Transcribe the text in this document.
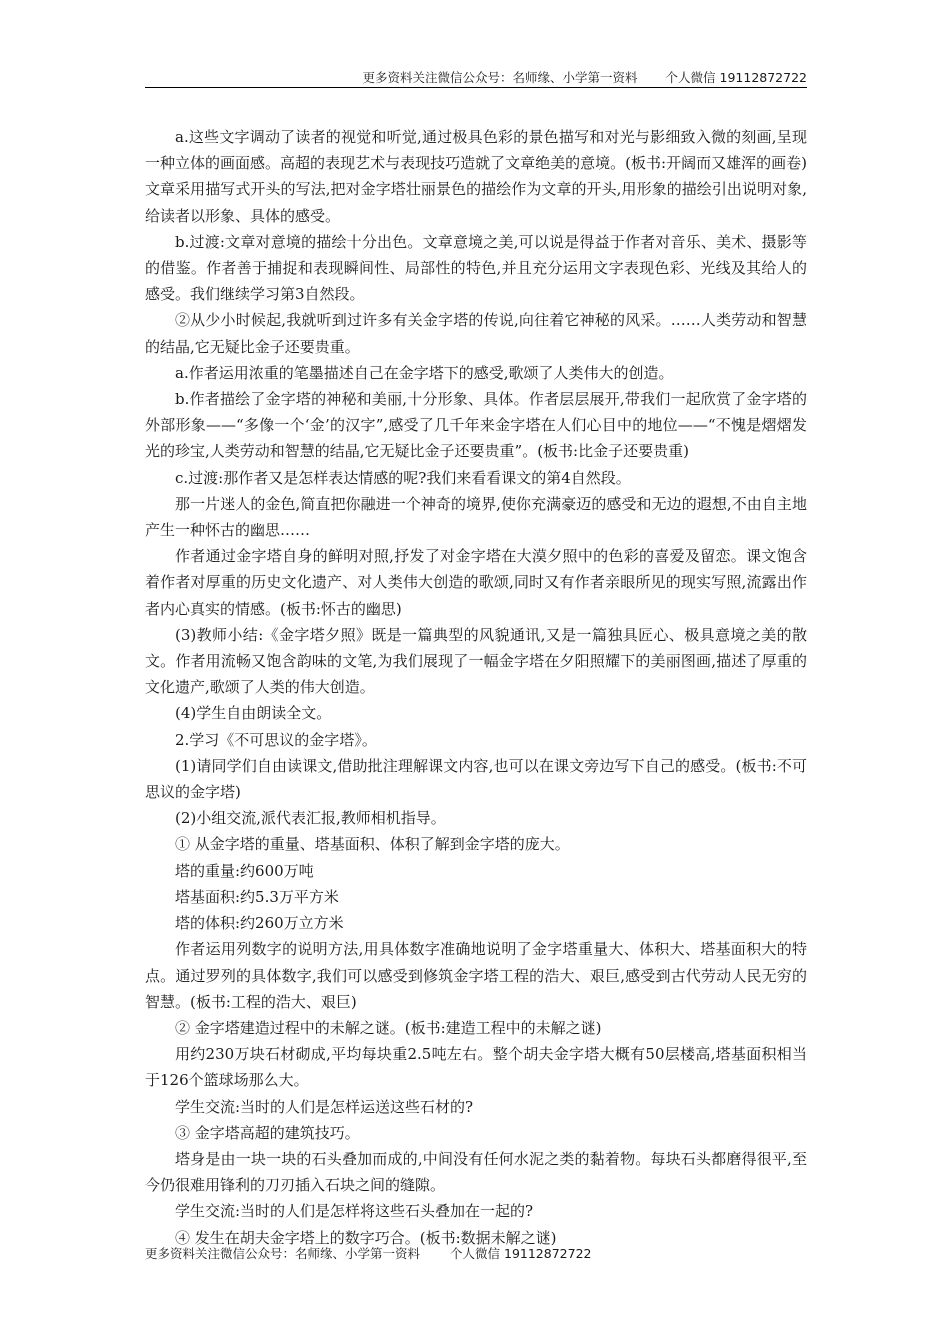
更多资料关注微信公众号：名师缘、小学第一资料 个人微信 19112872722

a.这些文字调动了读者的视觉和听觉,通过极具色彩的景色描写和对光与影细致入微的刻画,呈现一种立体的画面感。高超的表现艺术与表现技巧造就了文章绝美的意境。(板书:开阔而又雄浑的画卷)文章采用描写式开头的写法,把对金字塔壮丽景色的描绘作为文章的开头,用形象的描绘引出说明对象,给读者以形象、具体的感受。

b.过渡:文章对意境的描绘十分出色。文章意境之美,可以说是得益于作者对音乐、美术、摄影等的借鉴。作者善于捕捉和表现瞬间性、局部性的特色,并且充分运用文字表现色彩、光线及其给人的感受。我们继续学习第3自然段。

②从少小时候起,我就听到过许多有关金字塔的传说,向往着它神秘的风采。……人类劳动和智慧的结晶,它无疑比金子还要贵重。

a.作者运用浓重的笔墨描述自己在金字塔下的感受,歌颂了人类伟大的创造。

b.作者描绘了金字塔的神秘和美丽,十分形象、具体。作者层层展开,带我们一起欣赏了金字塔的外部形象——“多像一个‘金’的汉字”,感受了几千年来金字塔在人们心目中的地位——“不愧是熠熠发光的珍宝,人类劳动和智慧的结晶,它无疑比金子还要贵重”。(板书:比金子还要贵重)

c.过渡:那作者又是怎样表达情感的呢?我们来看看课文的第4自然段。

那一片迷人的金色,简直把你融进一个神奇的境界,使你充满豪迈的感受和无边的遐想,不由自主地产生一种怀古的幽思……

作者通过金字塔自身的鲜明对照,抒发了对金字塔在大漠夕照中的色彩的喜爱及留恋。课文饱含着作者对厚重的历史文化遗产、对人类伟大创造的歌颂,同时又有作者亲眼所见的现实写照,流露出作者内心真实的情感。(板书:怀古的幽思)

(3)教师小结:《金字塔夕照》既是一篇典型的风貌通讯,又是一篇独具匠心、极具意境之美的散文。作者用流畅又饱含韵味的文笔,为我们展现了一幅金字塔在夕阳照耀下的美丽图画,描述了厚重的文化遗产,歌颂了人类的伟大创造。

(4)学生自由朗读全文。

2.学习《不可思议的金字塔》。

(1)请同学们自由读课文,借助批注理解课文内容,也可以在课文旁边写下自己的感受。(板书:不可思议的金字塔)

(2)小组交流,派代表汇报,教师相机指导。

① 从金字塔的重量、塔基面积、体积了解到金字塔的庞大。

塔的重量:约600万吨

塔基面积:约5.3万平方米

塔的体积:约260万立方米

作者运用列数字的说明方法,用具体数字准确地说明了金字塔重量大、体积大、塔基面积大的特点。通过罗列的具体数字,我们可以感受到修筑金字塔工程的浩大、艰巨,感受到古代劳动人民无穷的智慧。(板书:工程的浩大、艰巨)

② 金字塔建造过程中的未解之谜。(板书:建造工程中的未解之谜)

用约230万块石材砌成,平均每块重2.5吨左右。整个胡夫金字塔大概有50层楼高,塔基面积相当于126个篮球场那么大。

学生交流:当时的人们是怎样运送这些石材的?

③ 金字塔高超的建筑技巧。

塔身是由一块一块的石头叠加而成的,中间没有任何水泥之类的黏着物。每块石头都磨得很平,至今仍很难用锋利的刀刃插入石块之间的缝隙。

学生交流:当时的人们是怎样将这些石头叠加在一起的?

④ 发生在胡夫金字塔上的数字巧合。(板书:数据未解之谜)

更多资料关注微信公众号：名师缘、小学第一资料 个人微信 19112872722
